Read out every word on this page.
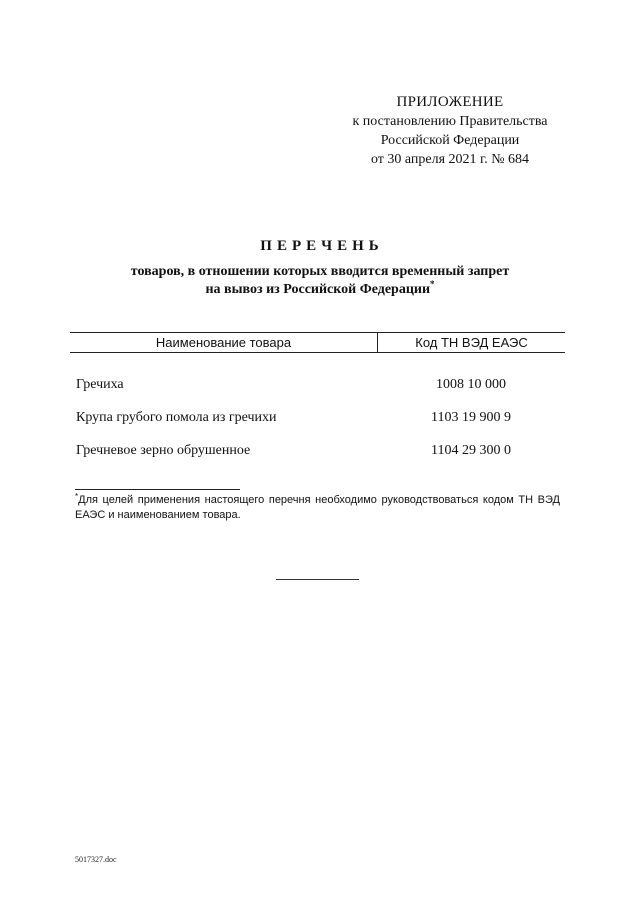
ПРИЛОЖЕНИЕ
к постановлению Правительства
Российской Федерации
от 30 апреля 2021 г. № 684
ПЕРЕЧЕНЬ
товаров, в отношении которых вводится временный запрет
на вывоз из Российской Федерации*
Наименование товара	Код ТН ВЭД ЕАЭС
Гречиха	1008 10 000
Крупа грубого помола из гречихи	1103 19 900 9
Гречневое зерно обрушенное	1104 29 300 0
*Для целей применения настоящего перечня необходимо руководствоваться кодом ТН ВЭД ЕАЭС и наименованием товара.
5017327.doc
